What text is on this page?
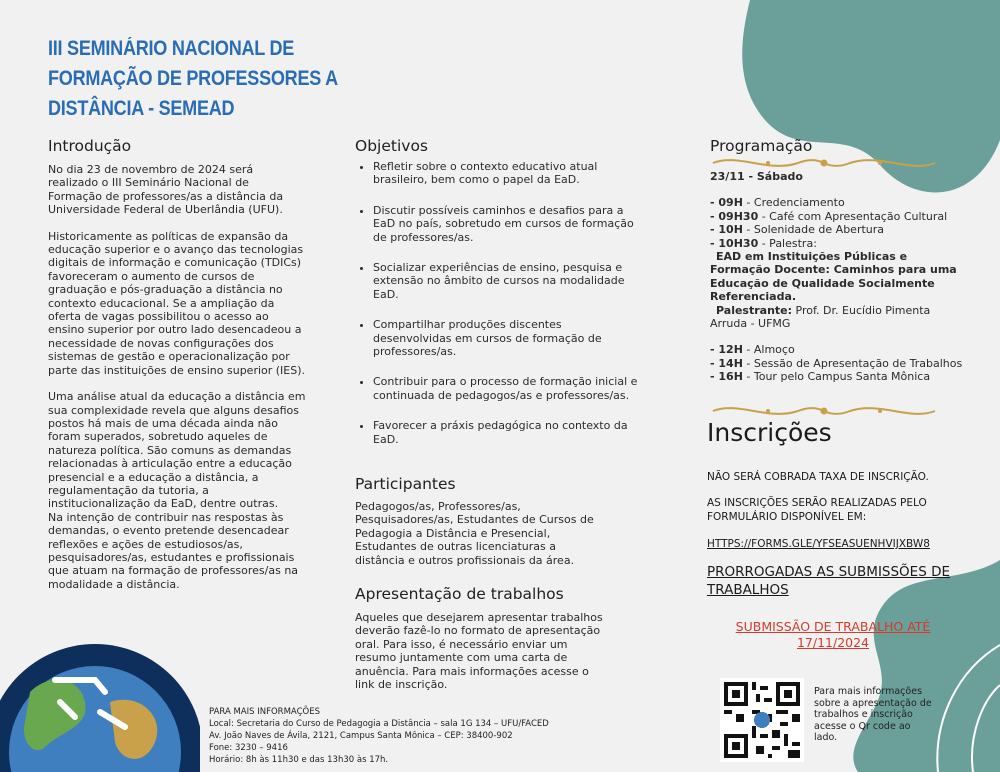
III SEMINÁRIO NACIONAL DE FORMAÇÃO DE PROFESSORES A DISTÂNCIA - SEMEAD
Introdução

No dia 23 de novembro de 2024 será realizado o III Seminário Nacional de Formação de professores/as a distância da Universidade Federal de Uberlândia (UFU).

Historicamente as políticas de expansão da educação superior e o avanço das tecnologias digitais de informação e comunicação (TDICs) favoreceram o aumento de cursos de graduação e pós-graduação a distância no contexto educacional. Se a ampliação da oferta de vagas possibilitou o acesso ao ensino superior por outro lado desencadeou a necessidade de novas configurações dos sistemas de gestão e operacionalização por parte das instituições de ensino superior (IES).

Uma análise atual da educação a distância em sua complexidade revela que alguns desafios postos há mais de uma década ainda não foram superados, sobretudo aqueles de natureza política. São comuns as demandas relacionadas à articulação entre a educação presencial e a educação a distância, a regulamentação da tutoria, a institucionalização da EaD, dentre outras.

Na intenção de contribuir nas respostas às demandas, o evento pretende desencadear reflexões e ações de estudiosos/as, pesquisadores/as, estudantes e profissionais que atuam na formação de professores/as na modalidade a distância.

Objetivos
• Refletir sobre o contexto educativo atual brasileiro, bem como o papel da EaD.
• Discutir possíveis caminhos e desafios para a EaD no país, sobretudo em cursos de formação de professores/as.
• Socializar experiências de ensino, pesquisa e extensão no âmbito de cursos na modalidade EaD.
• Compartilhar produções discentes desenvolvidas em cursos de formação de professores/as.
• Contribuir para o processo de formação inicial e continuada de pedagogos/as e professores/as.
• Favorecer a práxis pedagógica no contexto da EaD.
Participantes
Pedagogos/as, Professores/as, Pesquisadores/as, Estudantes de Cursos de Pedagogia a Distância e Presencial, Estudantes de outras licenciaturas a distância e outros profissionais da área.
Apresentação de trabalhos
Aqueles que desejarem apresentar trabalhos deverão fazê-lo no formato de apresentação oral. Para isso, é necessário enviar um resumo juntamente com uma carta de anuência. Para mais informações acesse o link de inscrição.
Programação
23/11 - Sábado
- 09H - Credenciamento
- 09H30 - Café com Apresentação Cultural
- 10H - Solenidade de Abertura
- 10H30 - Palestra:
EAD em Instituições Públicas e Formação Docente: Caminhos para uma Educação de Qualidade Socialmente Referenciada.
Palestrante: Prof. Dr. Eucídio Pimenta Arruda - UFMG
- 12H - Almoço
- 14H - Sessão de Apresentação de Trabalhos
- 16H - Tour pelo Campus Santa Mônica
Inscrições
NÃO SERÁ COBRADA TAXA DE INSCRIÇÃO.
AS INSCRIÇÕES SERÃO REALIZADAS PELO FORMULÁRIO DISPONÍVEL EM:
HTTPS://FORMS.GLE/YFSEASUENHVIJXBW8
PRORROGADAS AS SUBMISSÕES DE TRABALHOS
SUBMISSÃO DE TRABALHO ATÉ 17/11/2024
Para mais informações sobre a apresentação de trabalhos e inscrição acesse o Qr code ao lado.
PARA MAIS INFORMAÇÕES
Local: Secretaria do Curso de Pedagogia a Distância – sala 1G 134 – UFU/FACED
Av. João Naves de Ávila, 2121, Campus Santa Mônica – CEP: 38400-902
Fone: 3230 – 9416
Horário: 8h às 11h30 e das 13h30 às 17h.
